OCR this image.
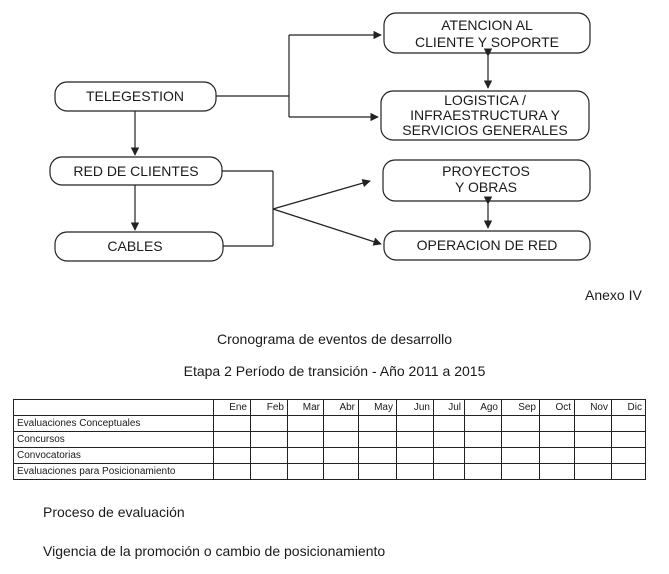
TELEGESTION
RED DE CLIENTES
CABLES
ATENCION AL
CLIENTE Y SOPORTE
LOGISTICA /
INFRAESTRUCTURA Y
SERVICIOS GENERALES
PROYECTOS
Y OBRAS
OPERACION DE RED
Anexo IV
Cronograma de eventos de desarrollo
Etapa 2 Período de transición - Año 2011 a 2015
	Ene	Feb	Mar	Abr	May	Jun	Jul	Ago	Sep	Oct	Nov	Dic
Evaluaciones Conceptuales												
Concursos												
Convocatorias												
Evaluaciones para Posicionamiento												
Proceso de evaluación
Vigencia de la promoción o cambio de posicionamiento
